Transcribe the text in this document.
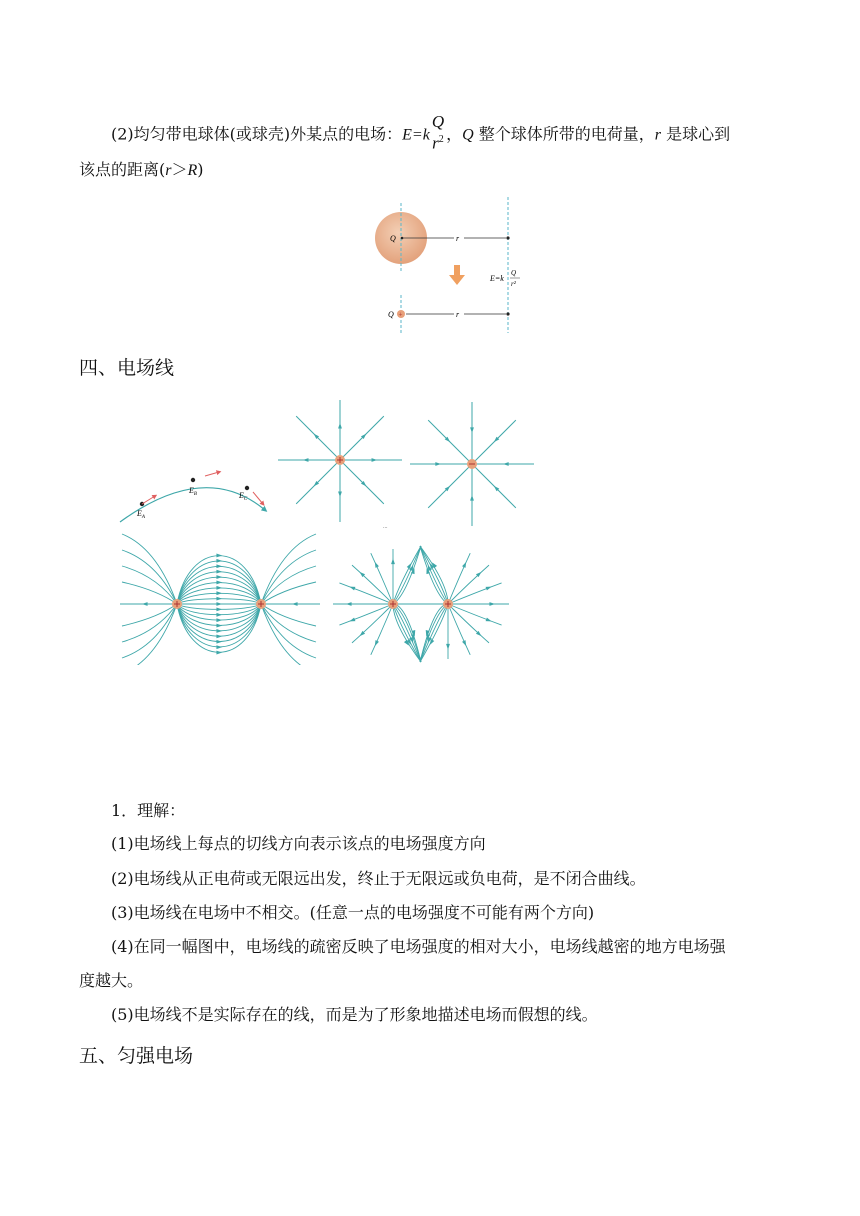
(2)均匀带电球体(或球壳)外某点的电场：E=k
Q
$r^2$ ，Q 整个球体所带的电荷量，r 是球心到
该点的距离(r＞R)
Q	r
E=k
Q
r²
+
Q	r
四、电场线
$E_A$
$E_B$	$E_C$
...
1．理解：
(1)电场线上每点的切线方向表示该点的电场强度方向
(2)电场线从正电荷或无限远出发，终止于无限远或负电荷，是不闭合曲线。
(3)电场线在电场中不相交。(任意一点的电场强度不可能有两个方向)
(4)在同一幅图中，电场线的疏密反映了电场强度的相对大小，电场线越密的地方电场强
度越大。
(5)电场线不是实际存在的线，而是为了形象地描述电场而假想的线。
五、匀强电场
